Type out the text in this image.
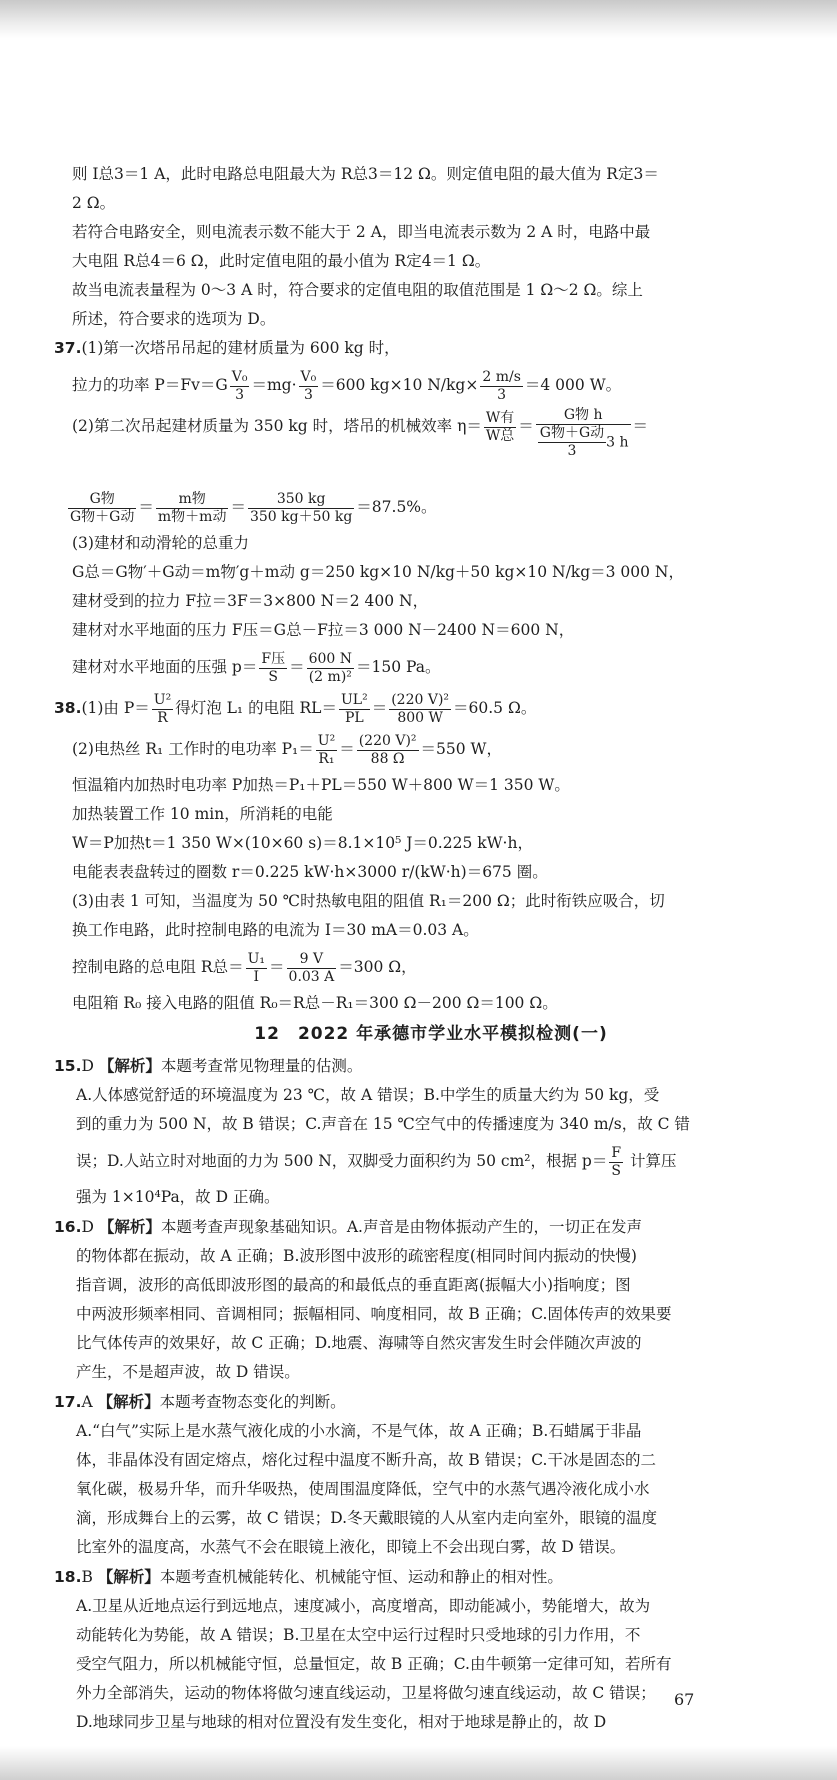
则 I总3＝1 A，此时电路总电阻最大为 R总3＝12 Ω。则定值电阻的最大值为 R定3＝
2 Ω。
若符合电路安全，则电流表示数不能大于 2 A，即当电流表示数为 2 A 时，电路中最
大电阻 R总4＝6 Ω，此时定值电阻的最小值为 R定4＝1 Ω。
故当电流表量程为 0～3 A 时，符合要求的定值电阻的取值范围是 1 Ω～2 Ω。综上
所述，符合要求的选项为 D。
37.(1)第一次塔吊吊起的建材质量为 600 kg 时，
拉力的功率 $P=Fv=G \frac{\text{V₀}}{3} =mg\cdot \frac{\text{V₀}}{3} =600$ kg×10 $N/kg\times \frac{2 m/s}{3} =4$ 000 W。
(2)第二次吊起建材质量为 350 kg 时，塔吊的机械效率 $\eta= \frac{\text{W有}}{\text{W总}} = \frac{\text{G物 h}}{\frac{\text{G物＋G动}}{3} 3 h}$ ＝
$\frac{\text{G物}}{\text{G物＋G动}} = \frac{\text{m物}}{\text{m物＋m动}} = \frac{350 kg}{350 kg+50 kg} =87.5\%$。
(3)建材和动滑轮的总重力
G总＝G物′＋G动＝m物′g＋m动 g＝250 kg×10 N/kg＋50 kg×10 N/kg＝3 000 N，
建材受到的拉力 F拉＝3F＝3×800 N＝2 400 N，
建材对水平地面的压力 F压＝G总－F拉＝3 000 N－2400 N＝600 N，
建材对水平地面的压强 $p= \frac{\text{F压}}{S} = \frac{600 N}{\text{(2 m)²}} =150$ Pa。
38.(1)由 $P= \frac{\text{U²}}{R}$ 得灯泡 L₁ 的电阻 $RL= \frac{\text{UL²}}{PL} = \frac{\text{(220 V)²}}{800 W} =60.5$ Ω。
(2)电热丝 R₁ 工作时的电功率 $P_1= \frac{\text{U²}}{\text{R₁}} = \frac{\text{(220 V)²}}{88 \Omega} =550$ W，
恒温箱内加热时电功率 P加热＝P₁＋PL＝550 W＋800 W＝1 350 W。
加热装置工作 10 min，所消耗的电能
W＝P加热t＝1 350 W×(10×60 s)＝8.1×10⁵ J＝0.225 kW·h，
电能表表盘转过的圈数 r＝0.225 kW·h×3000 r/(kW·h)＝675 圈。
(3)由表 1 可知，当温度为 50 ℃时热敏电阻的阻值 R₁＝200 Ω；此时衔铁应吸合，切
换工作电路，此时控制电路的电流为 I＝30 mA＝0.03 A。
控制电路的总电阻 R总＝ $\frac{\text{U₁}}{I} = \frac{9 V}{0.03 A} =300$ Ω，
电阻箱 R₀ 接入电路的阻值 R₀＝R总－R₁＝300 Ω－200 Ω＝100 Ω。
12　2022 年承德市学业水平模拟检测(一)
15.D 【解析】本题考查常见物理量的估测。
A.人体感觉舒适的环境温度为 23 ℃，故 A 错误；B.中学生的质量大约为 50 kg，受
到的重力为 500 N，故 B 错误；C.声音在 15 ℃空气中的传播速度为 340 m/s，故 C 错
误；D.人站立时对地面的力为 500 N，双脚受力面积约为 50 cm²，根据 $p= \frac{F}{S}$ 计算压
强为 1×10⁴Pa，故 D 正确。
16.D 【解析】本题考查声现象基础知识。A.声音是由物体振动产生的，一切正在发声
的物体都在振动，故 A 正确；B.波形图中波形的疏密程度(相同时间内振动的快慢)
指音调，波形的高低即波形图的最高的和最低点的垂直距离(振幅大小)指响度；图
中两波形频率相同、音调相同；振幅相同、响度相同，故 B 正确；C.固体传声的效果要
比气体传声的效果好，故 C 正确；D.地震、海啸等自然灾害发生时会伴随次声波的
产生，不是超声波，故 D 错误。
17.A 【解析】本题考查物态变化的判断。
A.“白气”实际上是水蒸气液化成的小水滴，不是气体，故 A 正确；B.石蜡属于非晶
体，非晶体没有固定熔点，熔化过程中温度不断升高，故 B 错误；C.干冰是固态的二
氧化碳，极易升华，而升华吸热，使周围温度降低，空气中的水蒸气遇冷液化成小水
滴，形成舞台上的云雾，故 C 错误；D.冬天戴眼镜的人从室内走向室外，眼镜的温度
比室外的温度高，水蒸气不会在眼镜上液化，即镜上不会出现白雾，故 D 错误。
18.B 【解析】本题考查机械能转化、机械能守恒、运动和静止的相对性。
A.卫星从近地点运行到远地点，速度减小，高度增高，即动能减小，势能增大，故为
动能转化为势能，故 A 错误；B.卫星在太空中运行过程时只受地球的引力作用，不
受空气阻力，所以机械能守恒，总量恒定，故 B 正确；C.由牛顿第一定律可知，若所有
外力全部消失，运动的物体将做匀速直线运动，卫星将做匀速直线运动，故 C 错误；
D.地球同步卫星与地球的相对位置没有发生变化，相对于地球是静止的，故 D
67
